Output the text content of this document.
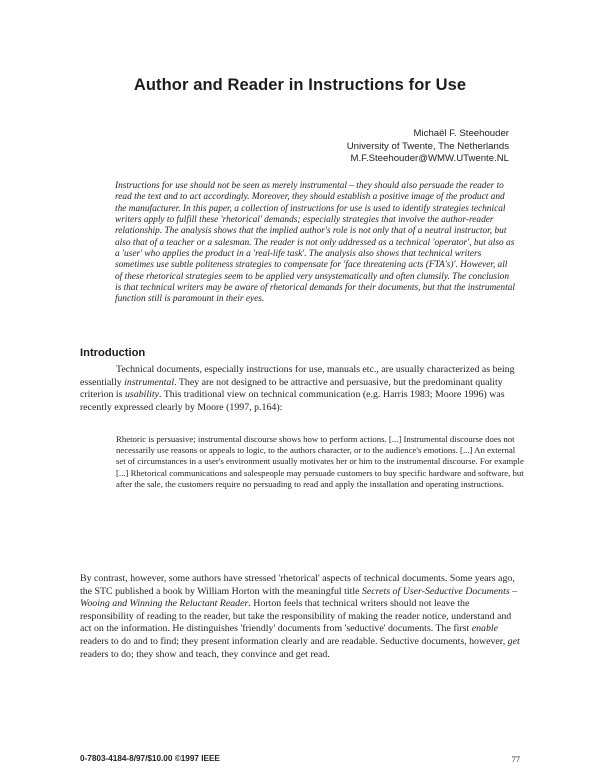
Author and Reader in Instructions for Use
Michaël F. Steehouder
University of Twente, The Netherlands
M.F.Steehouder@WMW.UTwente.NL
Instructions for use should not be seen as merely instrumental – they should also persuade the reader to read the text and to act accordingly. Moreover, they should establish a positive image of the product and the manufacturer. In this paper, a collection of instructions for use is used to identify strategies technical writers apply to fulfill these 'rhetorical' demands; especially strategies that involve the author-reader relationship. The analysis shows that the implied author's role is not only that of a neutral instructor, but also that of a teacher or a salesman. The reader is not only addressed as a technical 'operator', but also as a 'user' who applies the product in a 'real-life task'. The analysis also shows that technical writers sometimes use subtle politeness strategies to compensate for 'face threatening acts (FTA's)'. However, all of these rhetorical strategies seem to be applied very unsystematically and often clumsily. The conclusion is that technical writers may be aware of rhetorical demands for their documents, but that the instrumental function still is paramount in their eyes.
Introduction
Technical documents, especially instructions for use, manuals etc., are usually characterized as being essentially instrumental. They are not designed to be attractive and persuasive, but the predominant quality criterion is usability. This traditional view on technical communication (e.g. Harris 1983; Moore 1996) was recently expressed clearly by Moore (1997, p.164):
Rhetoric is persuasive; instrumental discourse shows how to perform actions. [...] Instrumental discourse does not necessarily use reasons or appeals to logic, to the authors character, or to the audience's emotions. [...] An external set of circumstances in a user's environment usually motivates her or him to the instrumental discourse. For example [...] Rhetorical communications and salespeople may persuade customers to buy specific hardware and software, but after the sale, the customers require no persuading to read and apply the installation and operating instructions.
By contrast, however, some authors have stressed 'rhetorical' aspects of technical documents. Some years ago, the STC published a book by William Horton with the meaningful title Secrets of User-Seductive Documents – Wooing and Winning the Reluctant Reader. Horton feels that technical writers should not leave the responsibility of reading to the reader, but take the responsibility of making the reader notice, understand and act on the information. He distinguishes 'friendly' documents from 'seductive' documents. The first enable readers to do and to find; they present information clearly and are readable. Seductive documents, however, get readers to do; they show and teach, they convince and get read.
0-7803-4184-8/97/$10.00 ©1997 IEEE	77
